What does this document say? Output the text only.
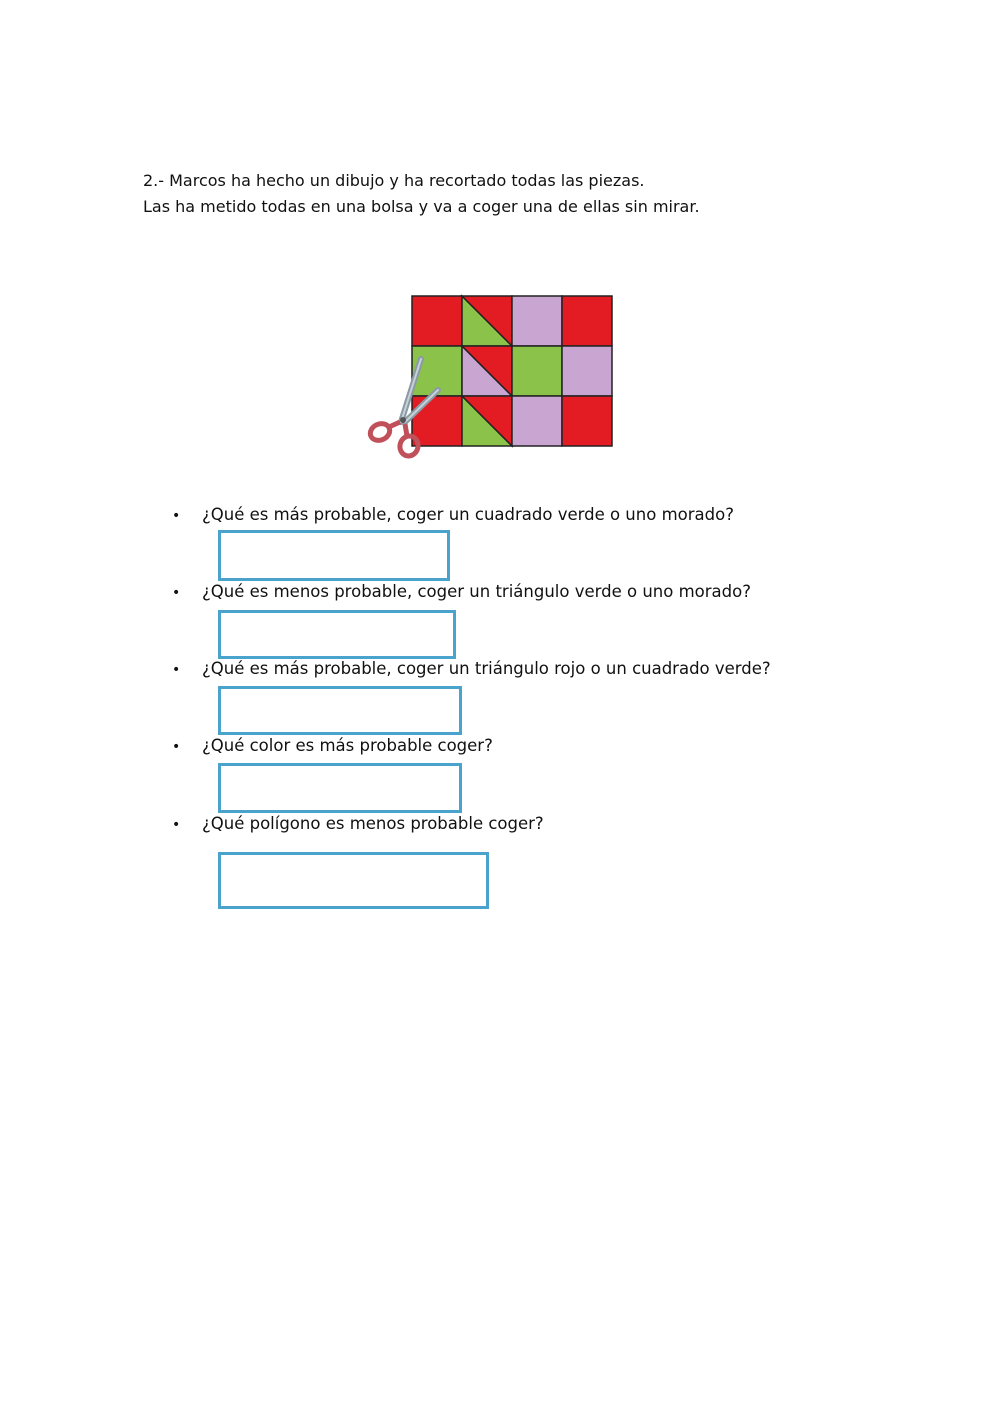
2.- Marcos ha hecho un dibujo y ha recortado todas las piezas.

Las ha metido todas en una bolsa y va a coger una de ellas sin mirar.

• ¿Qué es más probable, coger un cuadrado verde o uno morado?
• ¿Qué es menos probable, coger un triángulo verde o uno morado?
• ¿Qué es más probable, coger un triángulo rojo o un cuadrado verde?
• ¿Qué color es más probable coger?
• ¿Qué polígono es menos probable coger?
